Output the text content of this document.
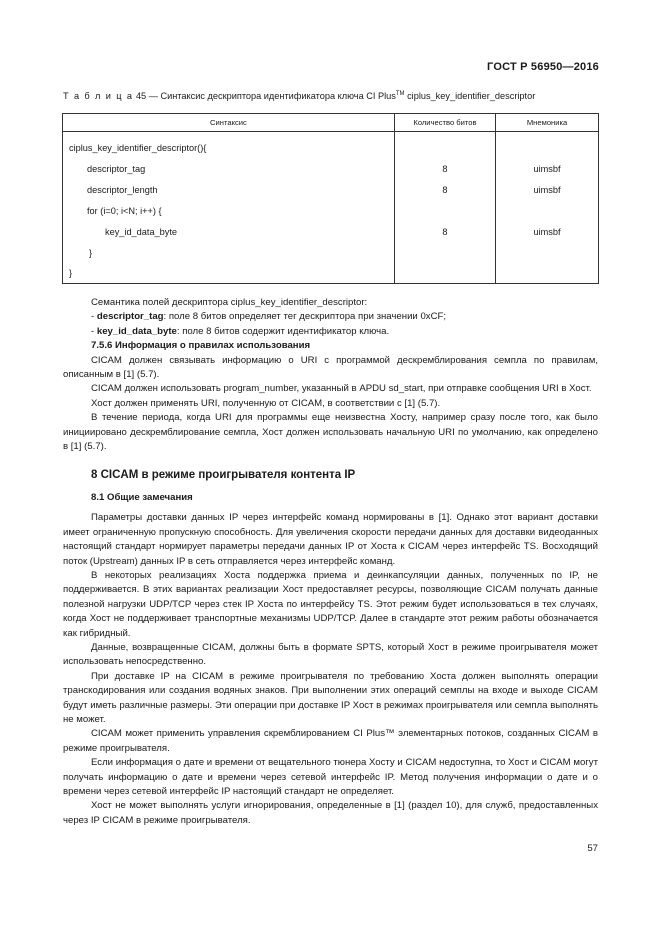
ГОСТ Р 56950—2016
Т а б л и ц а 45 — Синтаксис дескриптора идентификатора ключа CI Plus™ ciplus_key_identifier_descriptor
Синтаксис	Количество битов	Мнемоника
ciplus_key_identifier_descriptor(){		
descriptor_tag	8	uimsbf
descriptor_length	8	uimsbf
for (i=0; i<N; i++) {		
key_id_data_byte	8	uimsbf
}		
}		

Семантика полей дескриптора ciplus_key_identifier_descriptor:

- descriptor_tag: поле 8 битов определяет тег дескриптора при значении 0xCF;

- key_id_data_byte: поле 8 битов содержит идентификатор ключа.

7.5.6 Информация о правилах использования

CICAM должен связывать информацию о URI с программой дескремблирования семпла по правилам, описанным в [1] (5.7).

CICAM должен использовать program_number, указанный в APDU sd_start, при отправке сообщения URI в Хост.

Хост должен применять URI, полученную от CICAM, в соответствии с [1] (5.7).

В течение периода, когда URI для программы еще неизвестна Хосту, например сразу после того, как было инициировано дескремблирование семпла, Хост должен использовать начальную URI по умолчанию, как определено в [1] (5.7).

8 CICAM в режиме проигрывателя контента IP
8.1 Общие замечания

Параметры доставки данных IP через интерфейс команд нормированы в [1]. Однако этот вариант доставки имеет ограниченную пропускную способность. Для увеличения скорости передачи данных для доставки видеоданных настоящий стандарт нормирует параметры передачи данных IP от Хоста к CICAM через интерфейс TS. Восходящий поток (Upstream) данных IP в сеть отправляется через интерфейс команд.

В некоторых реализациях Хоста поддержка приема и деинкапсуляции данных, полученных по IP, не поддерживается. В этих вариантах реализации Хост предоставляет ресурсы, позволяющие CICAM получать данные полезной нагрузки UDP/TCP через стек IP Хоста по интерфейсу TS. Этот режим будет использоваться в тех случаях, когда Хост не поддерживает транспортные механизмы UDP/TCP. Далее в стандарте этот режим работы обозначается как гибридный.

Данные, возвращенные CICAM, должны быть в формате SPTS, который Хост в режиме проигрывателя может использовать непосредственно.

При доставке IP на CICAM в режиме проигрывателя по требованию Хоста должен выполнять операции транскодирования или создания водяных знаков. При выполнении этих операций семплы на входе и выходе CICAM будут иметь различные размеры. Эти операции при доставке IP Хост в режимах проигрывателя или семпла выполнять не может.

CICAM может применить управления скремблированием CI Plus™ элементарных потоков, созданных CICAM в режиме проигрывателя.

Если информация о дате и времени от вещательного тюнера Хосту и CICAM недоступна, то Хост и CICAM могут получать информацию о дате и времени через сетевой интерфейс IP. Метод получения информации о дате и о времени через сетевой интерфейс IP настоящий стандарт не определяет.

Хост не может выполнять услуги игнорирования, определенные в [1] (раздел 10), для служб, предоставленных через IP CICAM в режиме проигрывателя.

57
